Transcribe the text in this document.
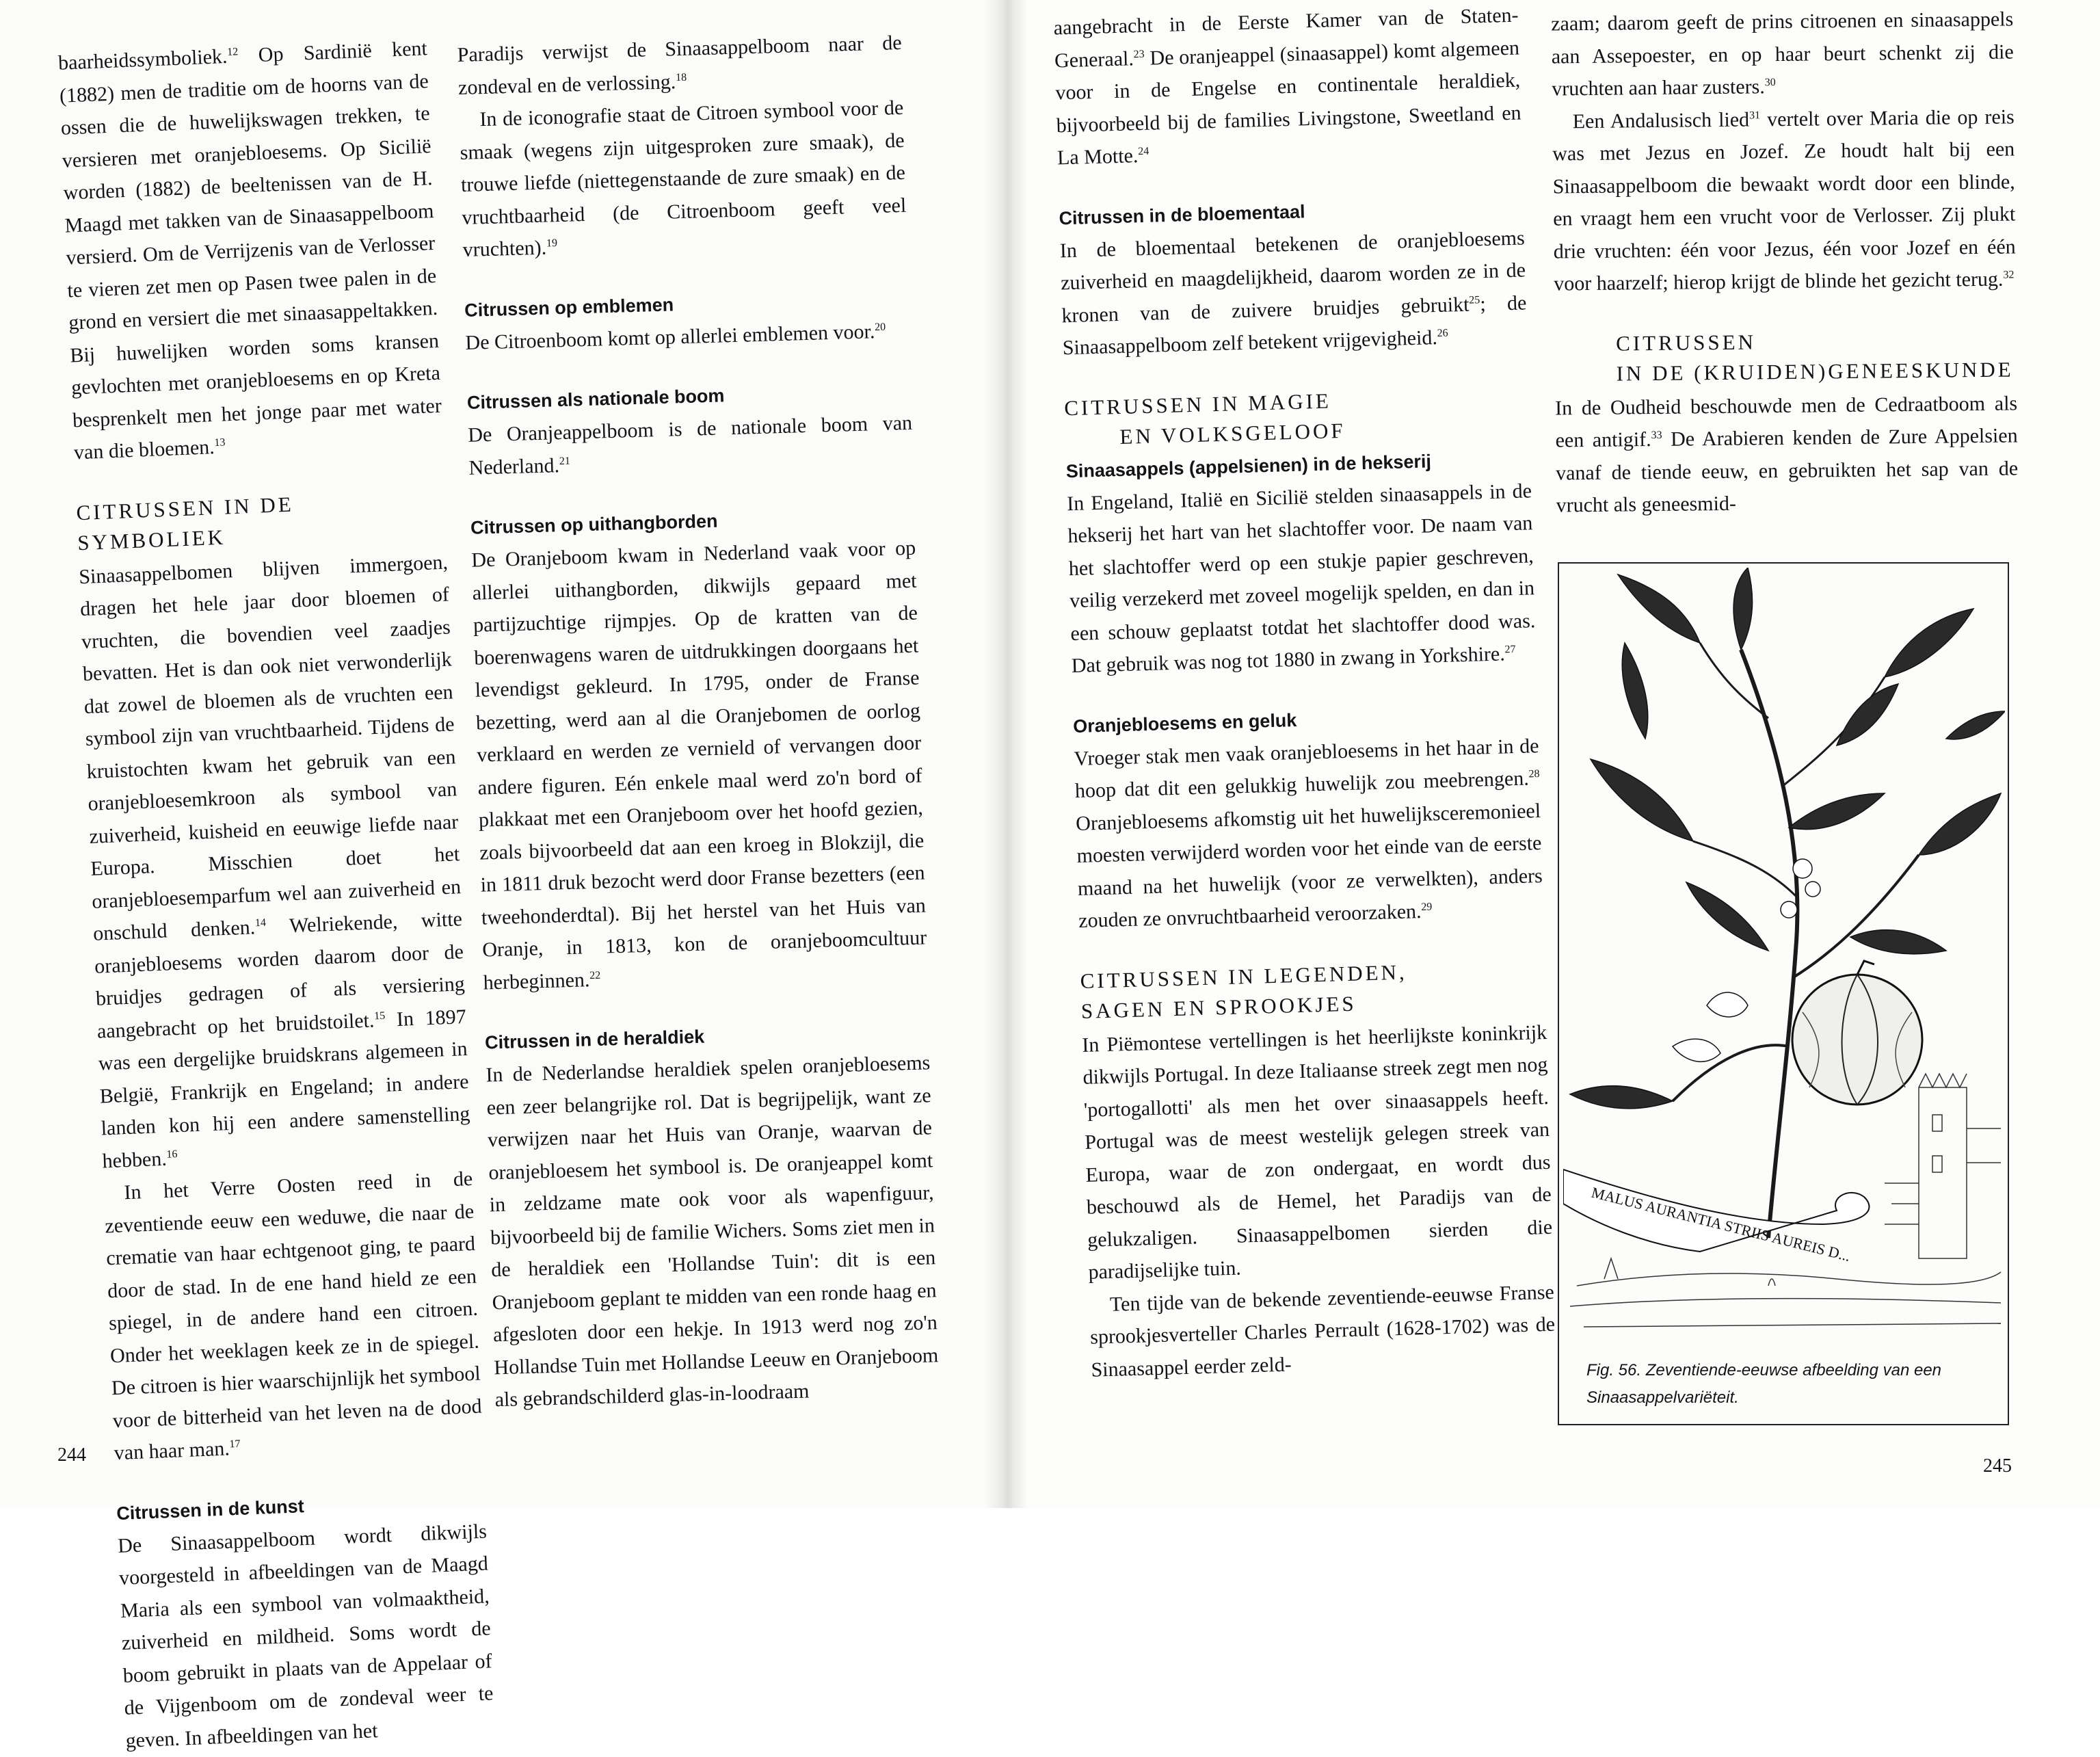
baarheidssymboliek.$^{12}$ Op Sardinië kent (1882) men de traditie om de hoorns van de ossen die de huwelijkswagen trekken, te versieren met oranjebloesems. Op Sicilië worden (1882) de beeltenissen van de H. Maagd met takken van de Sinaasappelboom versierd. Om de Verrijzenis van de Verlosser te vieren zet men op Pasen twee palen in de grond en versiert die met sinaasappeltakken. Bij huwelijken worden soms kransen gevlochten met oranjebloesems en op Kreta besprenkelt men het jonge paar met water van die bloemen.$^{13}$

CITRUSSEN IN DE SYMBOLIEK

Sinaasappelbomen blijven immergoen, dragen het hele jaar door bloemen of vruchten, die bovendien veel zaadjes bevatten. Het is dan ook niet verwonderlijk dat zowel de bloemen als de vruchten een symbool zijn van vruchtbaarheid. Tijdens de kruistochten kwam het gebruik van een oranjebloesemkroon als symbool van zuiverheid, kuisheid en eeuwige liefde naar Europa. Misschien doet het oranjebloesemparfum wel aan zuiverheid en onschuld denken.$^{14}$ Welriekende, witte oranjebloesems worden daarom door de bruidjes gedragen of als versiering aangebracht op het bruidstoilet.$^{15}$ In 1897 was een dergelijke bruidskrans algemeen in België, Frankrijk en Engeland; in andere landen kon hij een andere samenstelling hebben.$^{16}$

In het Verre Oosten reed in de zeventiende eeuw een weduwe, die naar de crematie van haar echtgenoot ging, te paard door de stad. In de ene hand hield ze een spiegel, in de andere hand een citroen. Onder het weeklagen keek ze in de spiegel. De citroen is hier waarschijnlijk het symbool voor de bitterheid van het leven na de dood van haar man.$^{17}$

Citrussen in de kunst

De Sinaasappelboom wordt dikwijls voorgesteld in afbeeldingen van de Maagd Maria als een symbool van volmaaktheid, zuiverheid en mildheid. Soms wordt de boom gebruikt in plaats van de Appelaar of de Vijgenboom om de zondeval weer te geven. In afbeeldingen van het

Paradijs verwijst de Sinaasappelboom naar de zondeval en de verlossing.$^{18}$

In de iconografie staat de Citroen symbool voor de smaak (wegens zijn uitgesproken zure smaak), de trouwe liefde (niettegenstaande de zure smaak) en de vruchtbaarheid (de Citroenboom geeft veel vruchten).$^{19}$

Citrussen op emblemen

De Citroenboom komt op allerlei emblemen voor.$^{20}$

Citrussen als nationale boom

De Oranjeappelboom is de nationale boom van Nederland.$^{21}$

Citrussen op uithangborden

De Oranjeboom kwam in Nederland vaak voor op allerlei uithangborden, dikwijls gepaard met partijzuchtige rijmpjes. Op de kratten van de boerenwagens waren de uitdrukkingen doorgaans het levendigst gekleurd. In 1795, onder de Franse bezetting, werd aan al die Oranjebomen de oorlog verklaard en werden ze vernield of vervangen door andere figuren. Eén enkele maal werd zo'n bord of plakkaat met een Oranjeboom over het hoofd gezien, zoals bijvoorbeeld dat aan een kroeg in Blokzijl, die in 1811 druk bezocht werd door Franse bezetters (een tweehonderdtal). Bij het herstel van het Huis van Oranje, in 1813, kon de oranjeboomcultuur herbeginnen.$^{22}$

Citrussen in de heraldiek

In de Nederlandse heraldiek spelen oranjebloesems een zeer belangrijke rol. Dat is begrijpelijk, want ze verwijzen naar het Huis van Oranje, waarvan de oranjebloesem het symbool is. De oranjeappel komt in zeldzame mate ook voor als wapenfiguur, bijvoorbeeld bij de familie Wichers. Soms ziet men in de heraldiek een 'Hollandse Tuin': dit is een Oranjeboom geplant te midden van een ronde haag en afgesloten door een hekje. In 1913 werd nog zo'n Hollandse Tuin met Hollandse Leeuw en Oranjeboom als gebrandschilderd glas-in-loodraam

244

aangebracht in de Eerste Kamer van de Staten-Generaal.$^{23}$ De oranjeappel (sinaasappel) komt algemeen voor in de Engelse en continentale heraldiek, bijvoorbeeld bij de families Livingstone, Sweetland en La Motte.$^{24}$

Citrussen in de bloementaal

In de bloementaal betekenen de oranjebloesems zuiverheid en maagdelijkheid, daarom worden ze in de kronen van de zuivere bruidjes gebruikt$^{25}$; de Sinaasappelboom zelf betekent vrijgevigheid.$^{26}$

CITRUSSEN IN MAGIE
EN VOLKSGELOOF
Sinaasappels (appelsienen) in de hekserij

In Engeland, Italië en Sicilië stelden sinaasappels in de hekserij het hart van het slachtoffer voor. De naam van het slachtoffer werd op een stukje papier geschreven, veilig verzekerd met zoveel mogelijk spelden, en dan in een schouw geplaatst totdat het slachtoffer dood was. Dat gebruik was nog tot 1880 in zwang in Yorkshire.$^{27}$

Oranjebloesems en geluk

Vroeger stak men vaak oranjebloesems in het haar in de hoop dat dit een gelukkig huwelijk zou meebrengen.$^{28}$ Oranjebloesems afkomstig uit het huwelijksceremonieel moesten verwijderd worden voor het einde van de eerste maand na het huwelijk (voor ze verwelkten), anders zouden ze onvruchtbaarheid veroorzaken.$^{29}$

CITRUSSEN IN LEGENDEN,
SAGEN EN SPROOKJES

In Piëmontese vertellingen is het heerlijkste koninkrijk dikwijls Portugal. In deze Italiaanse streek zegt men nog 'portogallotti' als men het over sinaasappels heeft. Portugal was de meest westelijk gelegen streek van Europa, waar de zon ondergaat, en wordt dus beschouwd als de Hemel, het Paradijs van de gelukzaligen. Sinaasappelbomen sierden die paradijselijke tuin.

Ten tijde van de bekende zeventiende-eeuwse Franse sprookjesverteller Charles Perrault (1628-1702) was de Sinaasappel eerder zeld-

zaam; daarom geeft de prins citroenen en sinaasappels aan Assepoester, en op haar beurt schenkt zij die vruchten aan haar zusters.$^{30}$

Een Andalusisch lied$^{31}$ vertelt over Maria die op reis was met Jezus en Jozef. Ze houdt halt bij een Sinaasappelboom die bewaakt wordt door een blinde, en vraagt hem een vrucht voor de Verlosser. Zij plukt drie vruchten: één voor Jezus, één voor Jozef en één voor haarzelf; hierop krijgt de blinde het gezicht terug.$^{32}$

CITRUSSEN
IN DE (KRUIDEN)GENEESKUNDE

In de Oudheid beschouwde men de Cedraatboom als een antigif.$^{33}$ De Arabieren kenden de Zure Appelsien vanaf de tiende eeuw, en gebruikten het sap van de vrucht als geneesmid-

MALUS AURANTIA STRIIS AUREIS D...
Fig. 56. Zeventiende-eeuwse afbeelding van een Sinaasappelvariëteit.
245
